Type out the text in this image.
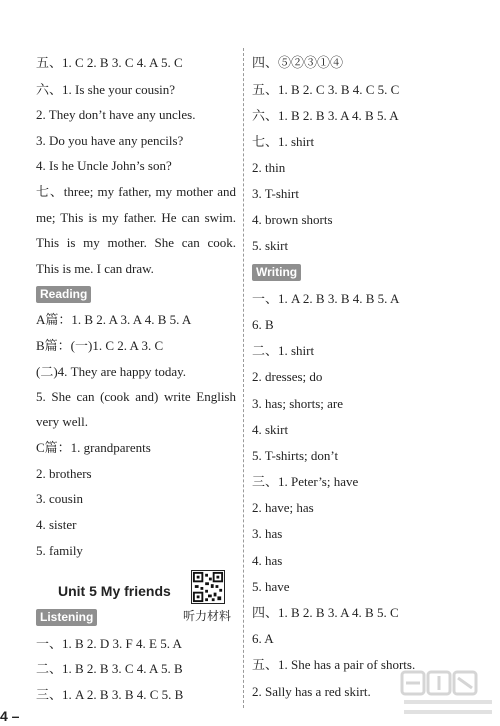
五、1. C 2. B 3. C 4. A 5. C
六、1. Is she your cousin?
2. They don’t have any uncles.
3. Do you have any pencils?
4. Is he Uncle John’s son?
七、three; my father, my mother and
me; This is my father. He can swim.
This is my mother. She can cook.
This is me. I can draw.
Reading
A篇：1. B 2. A 3. A 4. B 5. A
B篇：(一)1. C 2. A 3. C
(二)4. They are happy today.
5. She can (cook and) write English
very well.
C篇：1. grandparents
2. brothers
3. cousin
4. sister
5. family
Unit 5 My friends
听力材料
Listening
一、1. B 2. D 3. F 4. E 5. A
二、1. B 2. B 3. C 4. A 5. B
三、1. A 2. B 3. B 4. C 5. B
四、⑤②③①④
五、1. B 2. C 3. B 4. C 5. C
六、1. B 2. B 3. A 4. B 5. A
七、1. shirt
2. thin
3. T-shirt
4. brown shorts
5. skirt
Writing
一、1. A 2. B 3. B 4. B 5. A
6. B
二、1. shirt
2. dresses; do
3. has; shorts; are
4. skirt
5. T-shirts; don’t
三、1. Peter’s; have
2. have; has
3. has
4. has
5. have
四、1. B 2. B 3. A 4. B 5. C
6. A
五、1. She has a pair of shorts.
2. Sally has a red skirt.
4 –
